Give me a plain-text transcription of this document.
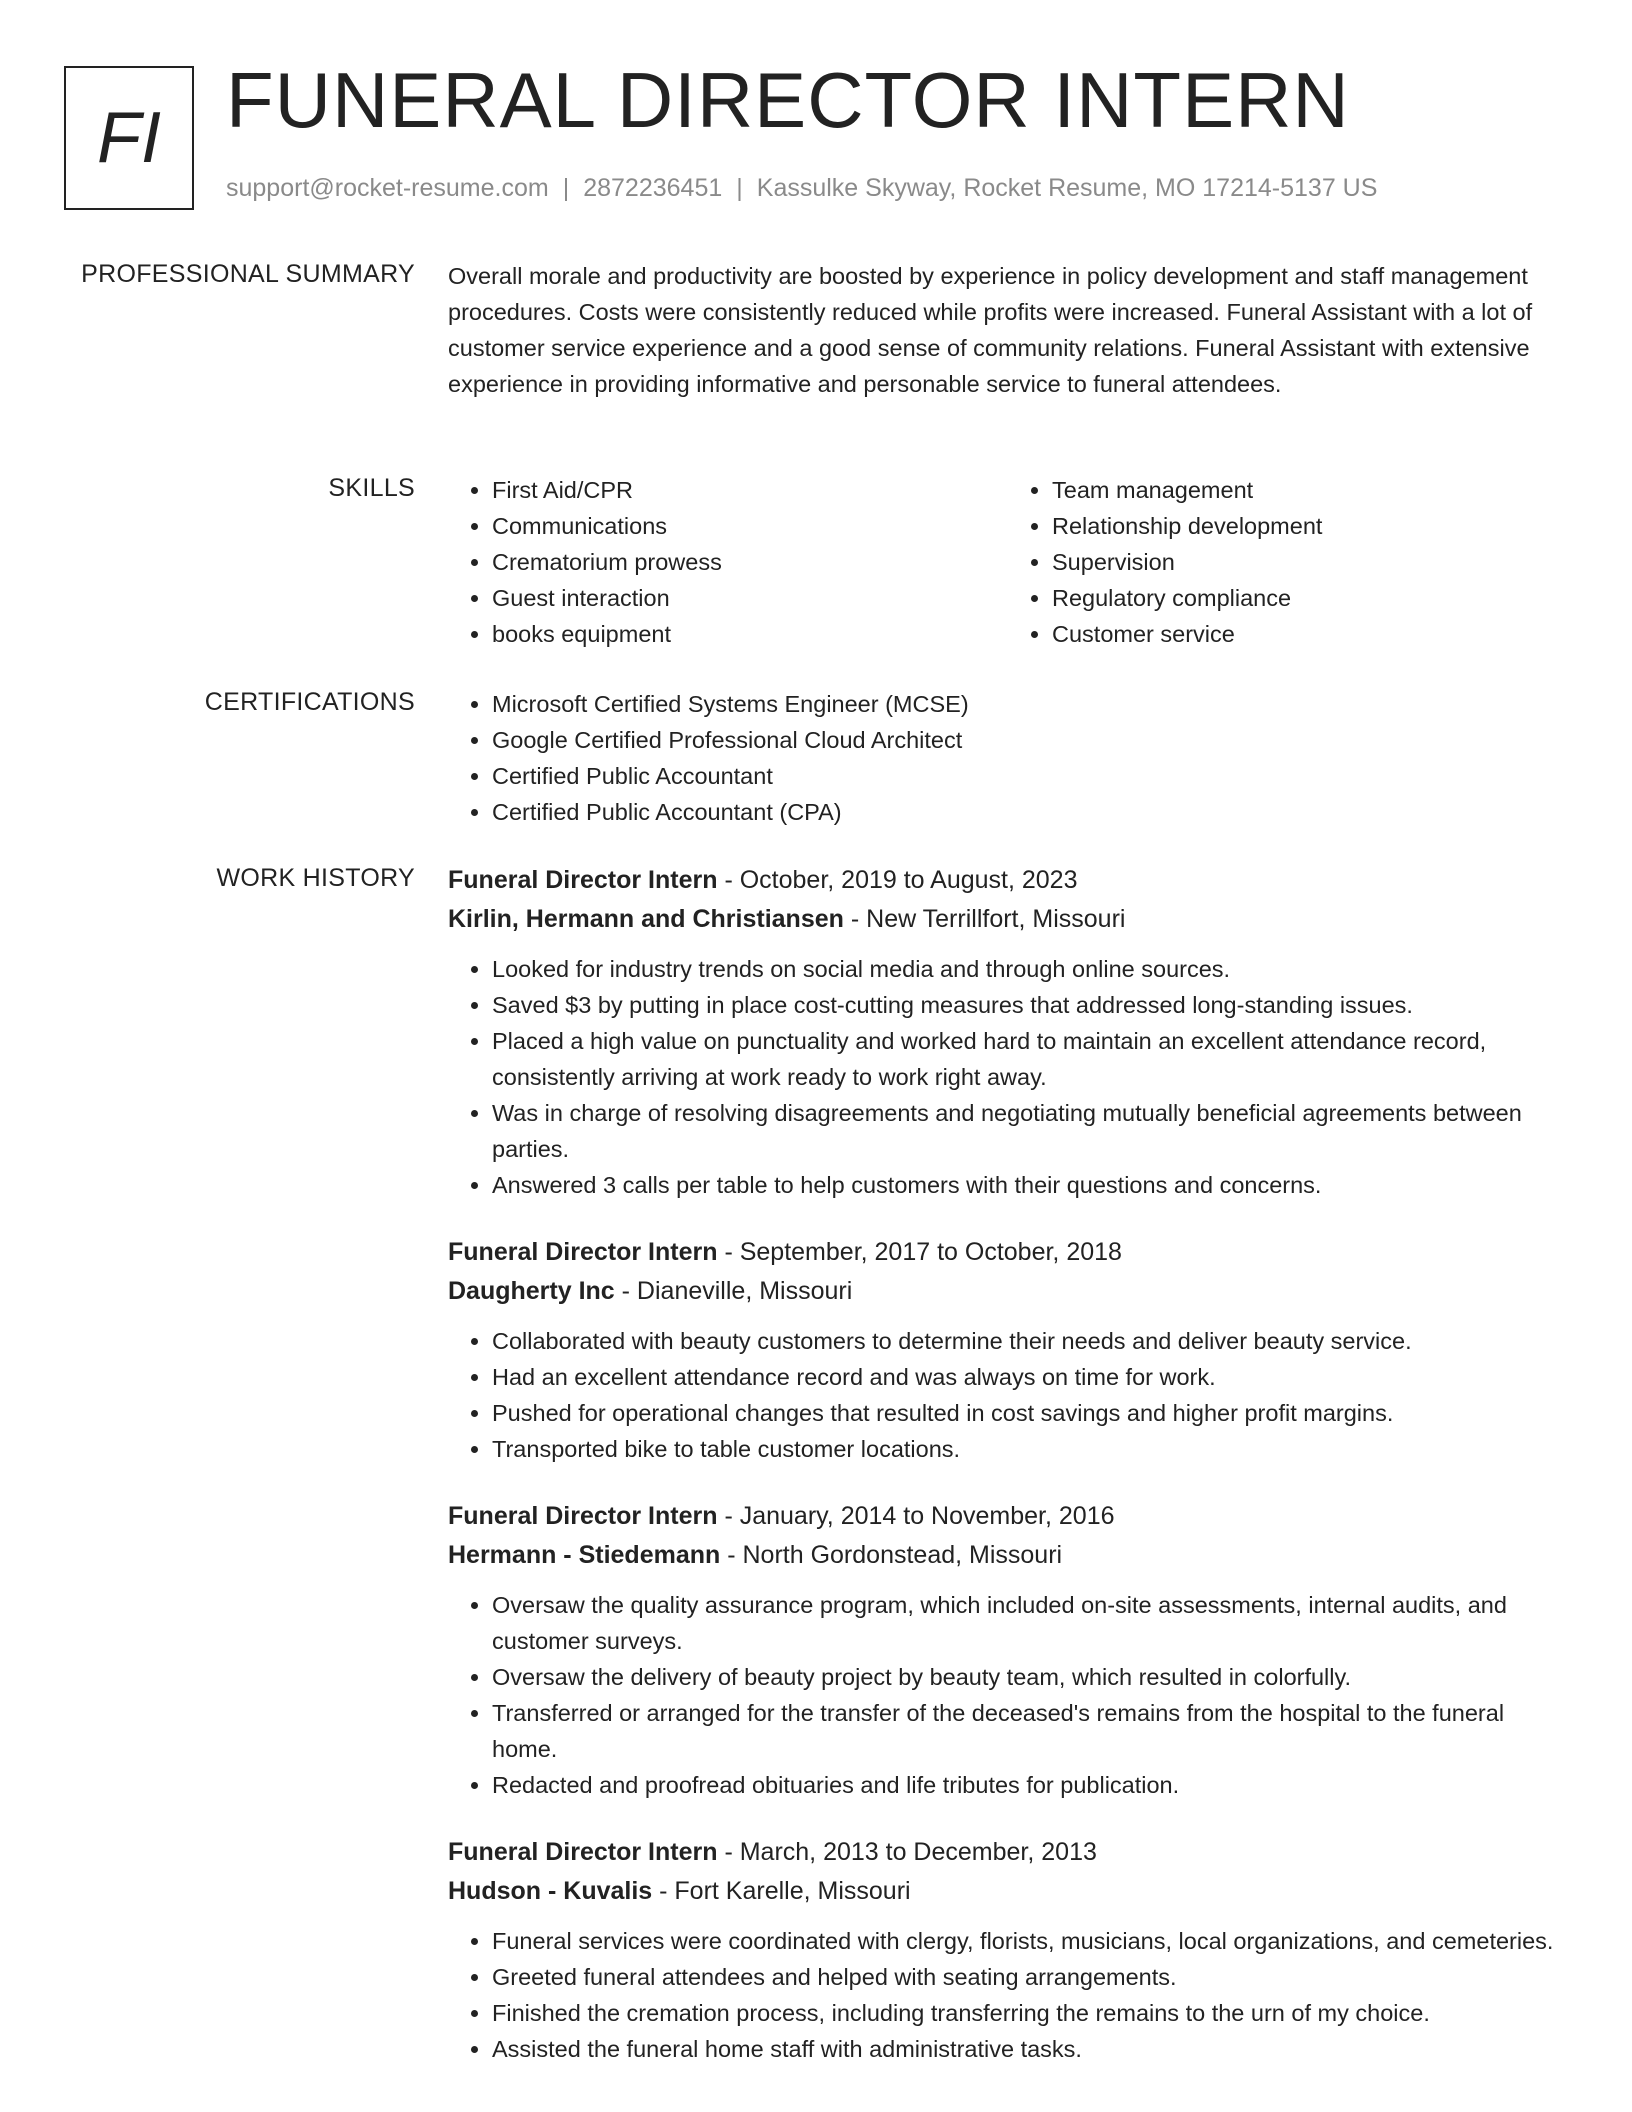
FI FUNERAL DIRECTOR INTERN
support@rocket-resume.com | 2872236451 | Kassulke Skyway, Rocket Resume, MO 17214-5137 US
PROFESSIONAL SUMMARY Overall morale and productivity are boosted by experience in policy development and staff management procedures. Costs were consistently reduced while profits were increased. Funeral Assistant with a lot of customer service experience and a good sense of community relations. Funeral Assistant with extensive experience in providing informative and personable service to funeral attendees.
SKILLS	• First Aid/CPR
• Communications
• Crematorium prowess
• Guest interaction
• books equipment
• Team management
• Relationship development
• Supervision
• Regulatory compliance
• Customer service
CERTIFICATIONS	• Microsoft Certified Systems Engineer (MCSE)
• Google Certified Professional Cloud Architect
• Certified Public Accountant
• Certified Public Accountant (CPA)
WORK HISTORY Funeral Director Intern - October, 2019 to August, 2023
Kirlin, Hermann and Christiansen - New Terrillfort, Missouri
• Looked for industry trends on social media and through online sources.
• Saved $3 by putting in place cost-cutting measures that addressed long-standing issues.
• Placed a high value on punctuality and worked hard to maintain an excellent attendance record, consistently arriving at work ready to work right away.
• Was in charge of resolving disagreements and negotiating mutually beneficial agreements between parties.
• Answered 3 calls per table to help customers with their questions and concerns.
Funeral Director Intern - September, 2017 to October, 2018
Daugherty Inc - Dianeville, Missouri
• Collaborated with beauty customers to determine their needs and deliver beauty service.
• Had an excellent attendance record and was always on time for work.
• Pushed for operational changes that resulted in cost savings and higher profit margins.
• Transported bike to table customer locations.
Funeral Director Intern - January, 2014 to November, 2016
Hermann - Stiedemann - North Gordonstead, Missouri
• Oversaw the quality assurance program, which included on-site assessments, internal audits, and customer surveys.
• Oversaw the delivery of beauty project by beauty team, which resulted in colorfully.
• Transferred or arranged for the transfer of the deceased's remains from the hospital to the funeral home.
• Redacted and proofread obituaries and life tributes for publication.
Funeral Director Intern - March, 2013 to December, 2013
Hudson - Kuvalis - Fort Karelle, Missouri
• Funeral services were coordinated with clergy, florists, musicians, local organizations, and cemeteries.
• Greeted funeral attendees and helped with seating arrangements.
• Finished the cremation process, including transferring the remains to the urn of my choice.
• Assisted the funeral home staff with administrative tasks.
